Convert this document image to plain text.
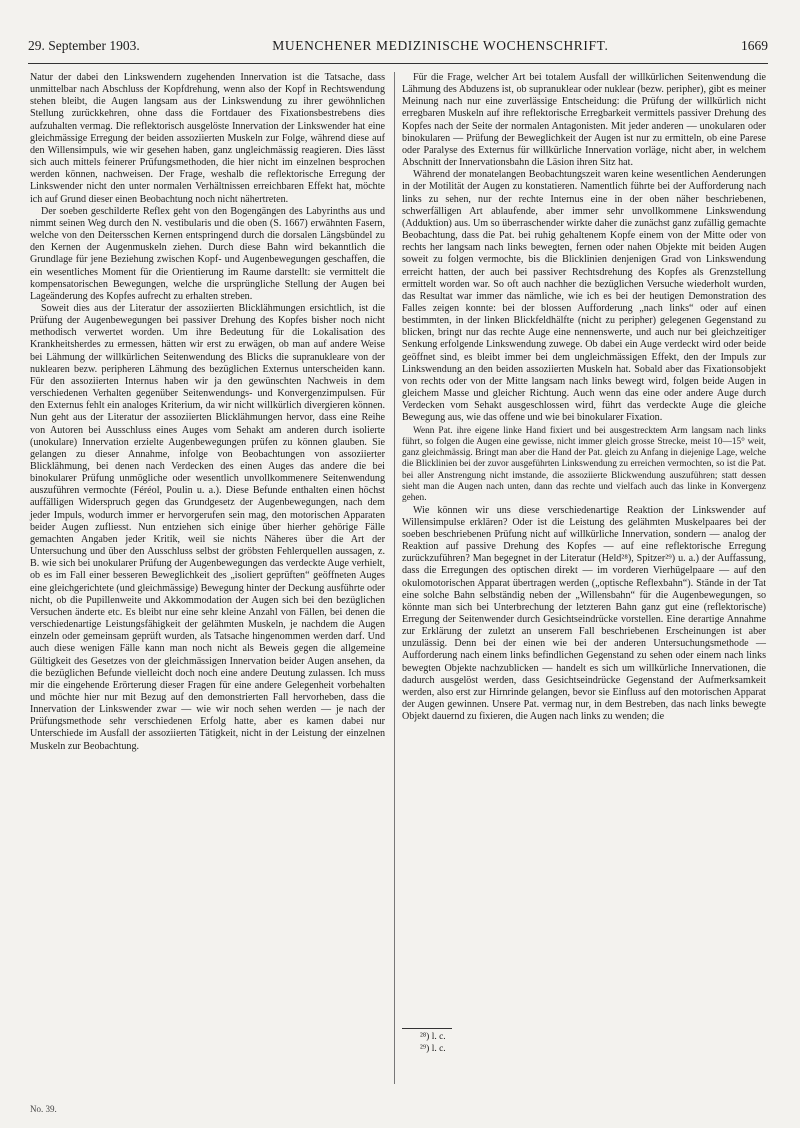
29. September 1903.	MUENCHENER MEDIZINISCHE WOCHENSCHRIFT.	1669

Natur der dabei den Linkswendern zugehenden Innervation ist die Tatsache, dass unmittelbar nach Abschluss der Kopfdrehung, wenn also der Kopf in Rechtswendung stehen bleibt, die Augen langsam aus der Linkswendung zu ihrer gewöhnlichen Stellung zurückkehren, ohne dass die Fortdauer des Fixationsbestrebens dies aufzuhalten vermag. Die reflektorisch ausgelöste Innervation der Linkswender hat eine gleichmässige Erregung der beiden assoziierten Muskeln zur Folge, während diese auf den Willensimpuls, wie wir gesehen haben, ganz ungleichmässig reagieren. Dies lässt sich auch mittels feinerer Prüfungsmethoden, die hier nicht im einzelnen besprochen werden können, nachweisen. Der Frage, weshalb die reflektorische Erregung der Linkswender nicht den unter normalen Verhältnissen erreichbaren Effekt hat, möchte ich auf Grund dieser einen Beobachtung noch nicht nähertreten.

Der soeben geschilderte Reflex geht von den Bogengängen des Labyrinths aus und nimmt seinen Weg durch den N. vestibularis und die oben (S. 1667) erwähnten Fasern, welche von den Deitersschen Kernen entspringend durch die dorsalen Längsbündel zu den Kernen der Augenmuskeln ziehen. Durch diese Bahn wird bekanntlich die Grundlage für jene Beziehung zwischen Kopf- und Augenbewegungen geschaffen, die ein wesentliches Moment für die Orientierung im Raume darstellt: sie vermittelt die kompensatorischen Bewegungen, welche die ursprüngliche Stellung der Augen bei Lageänderung des Kopfes aufrecht zu erhalten streben.

Soweit dies aus der Literatur der assoziierten Blicklähmungen ersichtlich, ist die Prüfung der Augenbewegungen bei passiver Drehung des Kopfes bisher noch nicht methodisch verwertet worden. Um ihre Bedeutung für die Lokalisation des Krankheitsherdes zu ermessen, hätten wir erst zu erwägen, ob man auf andere Weise bei Lähmung der willkürlichen Seitenwendung des Blicks die supranukleare von der nuklearen bezw. peripheren Lähmung des bezüglichen Externus unterscheiden kann. Für den assoziierten Internus haben wir ja den gewünschten Nachweis in dem verschiedenen Verhalten gegenüber Seitenwendungs- und Konvergenzimpulsen. Für den Externus fehlt ein analoges Kriterium, da wir nicht willkürlich divergieren können. Nun geht aus der Literatur der assoziierten Blicklähmungen hervor, dass eine Reihe von Autoren bei Ausschluss eines Auges vom Sehakt am anderen durch isolierte (unokulare) Innervation erzielte Augenbewegungen prüfen zu können glauben. Sie gelangen zu dieser Annahme, infolge von Beobachtungen von assoziierter Blicklähmung, bei denen nach Verdecken des einen Auges das andere die bei binokularer Prüfung unmögliche oder wesentlich unvollkommenere Seitenwendung auszuführen vermochte (Féréol, Poulin u. a.). Diese Befunde enthalten einen höchst auffälligen Widerspruch gegen das Grundgesetz der Augenbewegungen, nach dem jeder Impuls, wodurch immer er hervorgerufen sein mag, den motorischen Apparaten beider Augen zufliesst. Nun entziehen sich einige über hierher gehörige Fälle gemachten Angaben jeder Kritik, weil sie nichts Näheres über die Art der Untersuchung und über den Ausschluss selbst der gröbsten Fehlerquellen aussagen, z. B. wie sich bei unokularer Prüfung der Augenbewegungen das verdeckte Auge verhielt, ob es im Fall einer besseren Beweglichkeit des „isoliert geprüften“ geöffneten Auges eine gleichgerichtete (und gleichmässige) Bewegung hinter der Deckung ausführte oder nicht, ob die Pupillenweite und Akkommodation der Augen sich bei den bezüglichen Versuchen änderte etc. Es bleibt nur eine sehr kleine Anzahl von Fällen, bei denen die verschiedenartige Leistungsfähigkeit der gelähmten Muskeln, je nachdem die Augen einzeln oder gemeinsam geprüft wurden, als Tatsache hingenommen werden darf. Und auch diese wenigen Fälle kann man noch nicht als Beweis gegen die allgemeine Gültigkeit des Gesetzes von der gleichmässigen Innervation beider Augen ansehen, da die bezüglichen Befunde vielleicht doch noch eine andere Deutung zulassen. Ich muss mir die eingehende Erörterung dieser Fragen für eine andere Gelegenheit vorbehalten und möchte hier nur mit Bezug auf den demonstrierten Fall hervorheben, dass die Innervation der Linkswender zwar — wie wir noch sehen werden — je nach der Prüfungsmethode sehr verschiedenen Erfolg hatte, aber es kamen dabei nur Unterschiede im Ausfall der assoziierten Tätigkeit, nicht in der Leistung der einzelnen Muskeln zur Beobachtung.

Für die Frage, welcher Art bei totalem Ausfall der willkürlichen Seitenwendung die Lähmung des Abduzens ist, ob supranuklear oder nuklear (bezw. peripher), gibt es meiner Meinung nach nur eine zuverlässige Entscheidung: die Prüfung der willkürlich nicht erregbaren Muskeln auf ihre reflektorische Erregbarkeit vermittels passiver Drehung des Kopfes nach der Seite der normalen Antagonisten. Mit jeder anderen — unokularen oder binokularen — Prüfung der Beweglichkeit der Augen ist nur zu ermitteln, ob eine Parese oder Paralyse des Externus für willkürliche Innervation vorläge, nicht aber, in welchem Abschnitt der Innervationsbahn die Läsion ihren Sitz hat.

Während der monatelangen Beobachtungszeit waren keine wesentlichen Aenderungen in der Motilität der Augen zu konstatieren. Namentlich führte bei der Aufforderung nach links zu sehen, nur der rechte Internus eine in der oben näher beschriebenen, schwerfälligen Art ablaufende, aber immer sehr unvollkommene Linkswendung (Adduktion) aus. Um so überraschender wirkte daher die zunächst ganz zufällig gemachte Beobachtung, dass die Pat. bei ruhig gehaltenem Kopfe einem von der Mitte oder von rechts her langsam nach links bewegten, fernen oder nahen Objekte mit beiden Augen soweit zu folgen vermochte, bis die Blicklinien denjenigen Grad von Linkswendung erreicht hatten, der auch bei passiver Rechtsdrehung des Kopfes als Grenzstellung ermittelt worden war. So oft auch nachher die bezüglichen Versuche wiederholt wurden, das Resultat war immer das nämliche, wie ich es bei der heutigen Demonstration des Falles zeigen konnte: bei der blossen Aufforderung „nach links“ oder auf einen bestimmten, in der linken Blickfeldhälfte (nicht zu peripher) gelegenen Gegenstand zu blicken, bringt nur das rechte Auge eine nennenswerte, und auch nur bei gleichzeitiger Senkung erfolgende Linkswendung zuwege. Ob dabei ein Auge verdeckt wird oder beide geöffnet sind, es bleibt immer bei dem ungleichmässigen Effekt, den der Impuls zur Linkswendung an den beiden assoziierten Muskeln hat. Sobald aber das Fixationsobjekt von rechts oder von der Mitte langsam nach links bewegt wird, folgen beide Augen in gleichem Masse und gleicher Richtung. Auch wenn das eine oder andere Auge durch Verdecken vom Sehakt ausgeschlossen wird, führt das verdeckte Auge die gleiche Bewegung aus, wie das offene und wie bei binokularer Fixation.

Wenn Pat. ihre eigene linke Hand fixiert und bei ausgestrecktem Arm langsam nach links führt, so folgen die Augen eine gewisse, nicht immer gleich grosse Strecke, meist 10—15° weit, ganz gleichmässig. Bringt man aber die Hand der Pat. gleich zu Anfang in diejenige Lage, welche die Blicklinien bei der zuvor ausgeführten Linkswendung zu erreichen vermochten, so ist die Pat. bei aller Anstrengung nicht imstande, die assoziierte Blickwendung auszuführen; statt dessen sieht man die Augen nach unten, dann das rechte und vielfach auch das linke in Konvergenz gehen.

Wie können wir uns diese verschiedenartige Reaktion der Linkswender auf Willensimpulse erklären? Oder ist die Leistung des gelähmten Muskelpaares bei der soeben beschriebenen Prüfung nicht auf willkürliche Innervation, sondern — analog der Reaktion auf passive Drehung des Kopfes — auf eine reflektorische Erregung zurückzuführen? Man begegnet in der Literatur (Held²⁸), Spitzer²⁹) u. a.) der Auffassung, dass die Erregungen des optischen direkt — im vorderen Vierhügelpaare — auf den okulomotorischen Apparat übertragen werden („optische Reflexbahn“). Stände in der Tat eine solche Bahn selbständig neben der „Willensbahn“ für die Augenbewegungen, so könnte man sich bei Unterbrechung der letzteren Bahn ganz gut eine (reflektorische) Erregung der Seitenwender durch Gesichtseindrücke vorstellen. Eine derartige Annahme zur Erklärung der zuletzt an unserem Fall beschriebenen Erscheinungen ist aber unzulässig. Denn bei der einen wie bei der anderen Untersuchungsmethode — Aufforderung nach einem links befindlichen Gegenstand zu sehen oder einem nach links bewegten Objekte nachzublicken — handelt es sich um willkürliche Innervationen, die dadurch ausgelöst werden, dass Gesichtseindrücke Gegenstand der Aufmerksamkeit werden, also erst zur Hirnrinde gelangen, bevor sie Einfluss auf den motorischen Apparat der Augen gewinnen. Unsere Pat. vermag nur, in dem Bestreben, das nach links bewegte Objekt dauernd zu fixieren, die Augen nach links zu wenden; die

²⁸) l. c.
²⁹) l. c.
No. 39.
